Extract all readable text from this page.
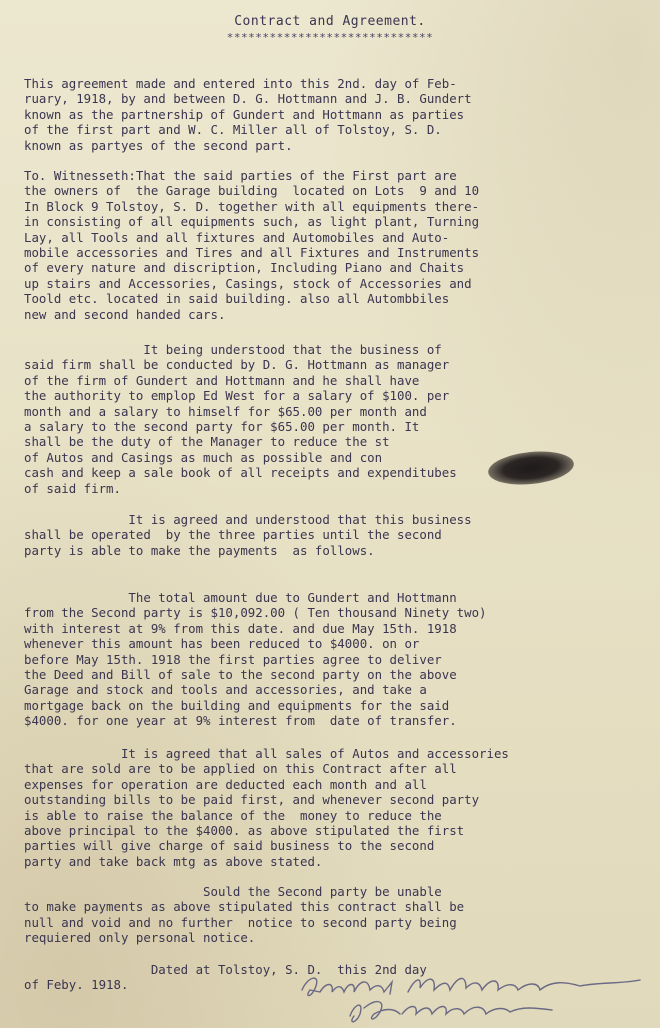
Contract and Agreement.
*****************************
This agreement made and entered into this 2nd. day of Feb-
ruary, 1918, by and between D. G. Hottmann and J. B. Gundert
known as the partnership of Gundert and Hottmann as parties
of the first part and W. C. Miller all of Tolstoy, S. D.
known as partyes of the second part.
To. Witnesseth:That the said parties of the First part are
the owners of  the Garage building  located on Lots  9 and 10
In Block 9 Tolstoy, S. D. together with all equipments there-
in consisting of all equipments such, as light plant, Turning
Lay, all Tools and all fixtures and Automobiles and Auto-
mobile accessories and Tires and all Fixtures and Instruments
of every nature and discription, Including Piano and Chaits
up stairs and Accessories, Casings, stock of Accessories and
Toold etc. located in said building. also all Autombbiles
new and second handed cars.
It being understood that the business of
said firm shall be conducted by D. G. Hottmann as manager
of the firm of Gundert and Hottmann and he shall have
the authority to emplop Ed West for a salary of $100. per
month and a salary to himself for $65.00 per month and
a salary to the second party for $65.00 per month. It
shall be the duty of the Manager to reduce the st
of Autos and Casings as much as possible and con
cash and keep a sale book of all receipts and expenditubes
of said firm.
It is agreed and understood that this business
shall be operated  by the three parties until the second
party is able to make the payments  as follows.
The total amount due to Gundert and Hottmann
from the Second party is $10,092.00 ( Ten thousand Ninety two)
with interest at 9% from this date. and due May 15th. 1918
whenever this amount has been reduced to $4000. on or
before May 15th. 1918 the first parties agree to deliver
the Deed and Bill of sale to the second party on the above
Garage and stock and tools and accessories, and take a
mortgage back on the building and equipments for the said
$4000. for one year at 9% interest from  date of transfer.
It is agreed that all sales of Autos and accessories
that are sold are to be applied on this Contract after all
expenses for operation are deducted each month and all
outstanding bills to be paid first, and whenever second party
is able to raise the balance of the  money to reduce the
above principal to the $4000. as above stipulated the first
parties will give charge of said business to the second
party and take back mtg as above stated.
Sould the Second party be unable
to make payments as above stipulated this contract shall be
null and void and no further  notice to second party being
requiered only personal notice.
Dated at Tolstoy, S. D.  this 2nd day
of Feby. 1918.
